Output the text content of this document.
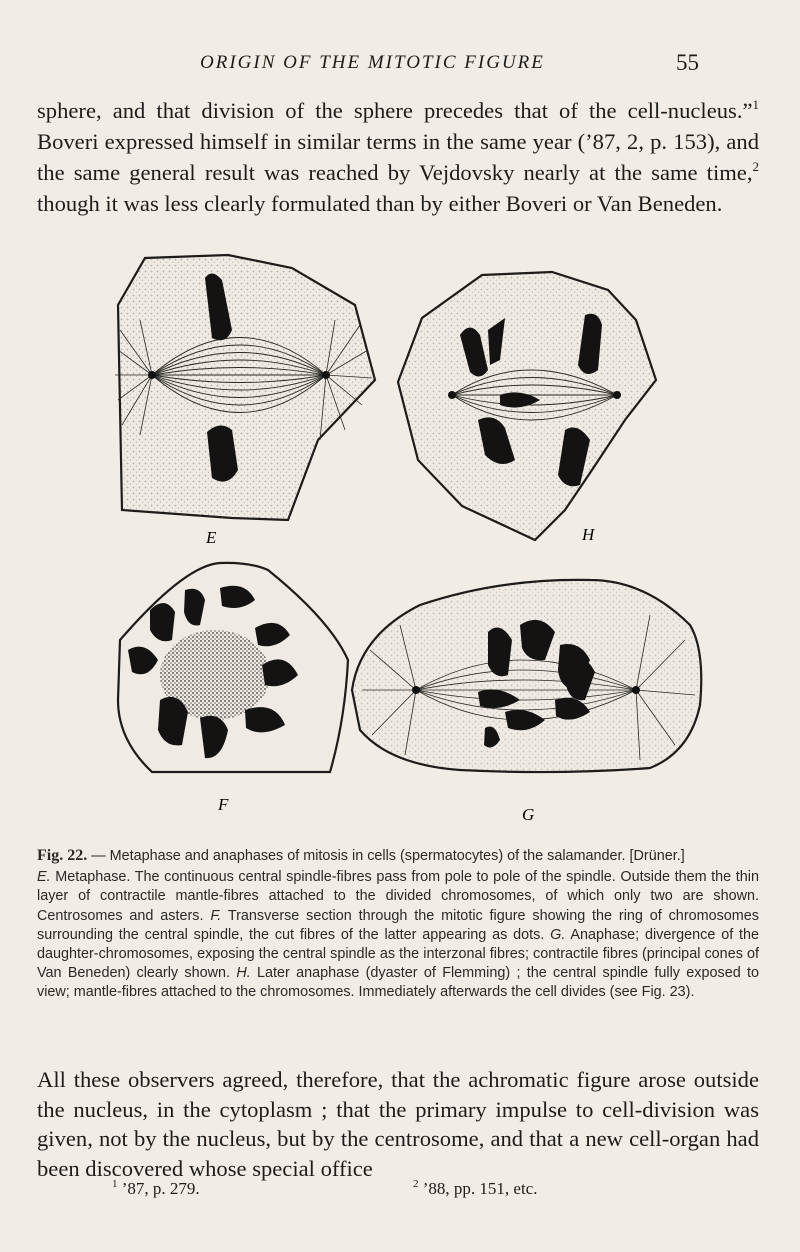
ORIGIN OF THE MITOTIC FIGURE	55

sphere, and that division of the sphere precedes that of the cell-nucleus.”$^1$ Boveri expressed himself in similar terms in the same year (’87, 2, p. 153), and the same general result was reached by Vejdovsky nearly at the same time,$^2$ though it was less clearly formulated than by either Boveri or Van Beneden.

E	H
F
G

Fig. 22. — Metaphase and anaphases of mitosis in cells (spermatocytes) of the salamander. [Drüner.]

E. Metaphase. The continuous central spindle-fibres pass from pole to pole of the spindle. Outside them the thin layer of contractile mantle-fibres attached to the divided chromosomes, of which only two are shown. Centrosomes and asters. F. Transverse section through the mitotic figure showing the ring of chromosomes surrounding the central spindle, the cut fibres of the latter appearing as dots. G. Anaphase; divergence of the daughter-chromosomes, exposing the central spindle as the interzonal fibres; contractile fibres (principal cones of Van Beneden) clearly shown. H. Later anaphase (dyaster of Flemming) ; the central spindle fully exposed to view; mantle-fibres attached to the chromosomes. Immediately afterwards the cell divides (see Fig. 23).

All these observers agreed, therefore, that the achromatic figure arose outside the nucleus, in the cytoplasm ; that the primary impulse to cell-division was given, not by the nucleus, but by the centrosome, and that a new cell-organ had been discovered whose special office

$^1$ ’87, p. 279.	$^2$ ’88, pp. 151, etc.
